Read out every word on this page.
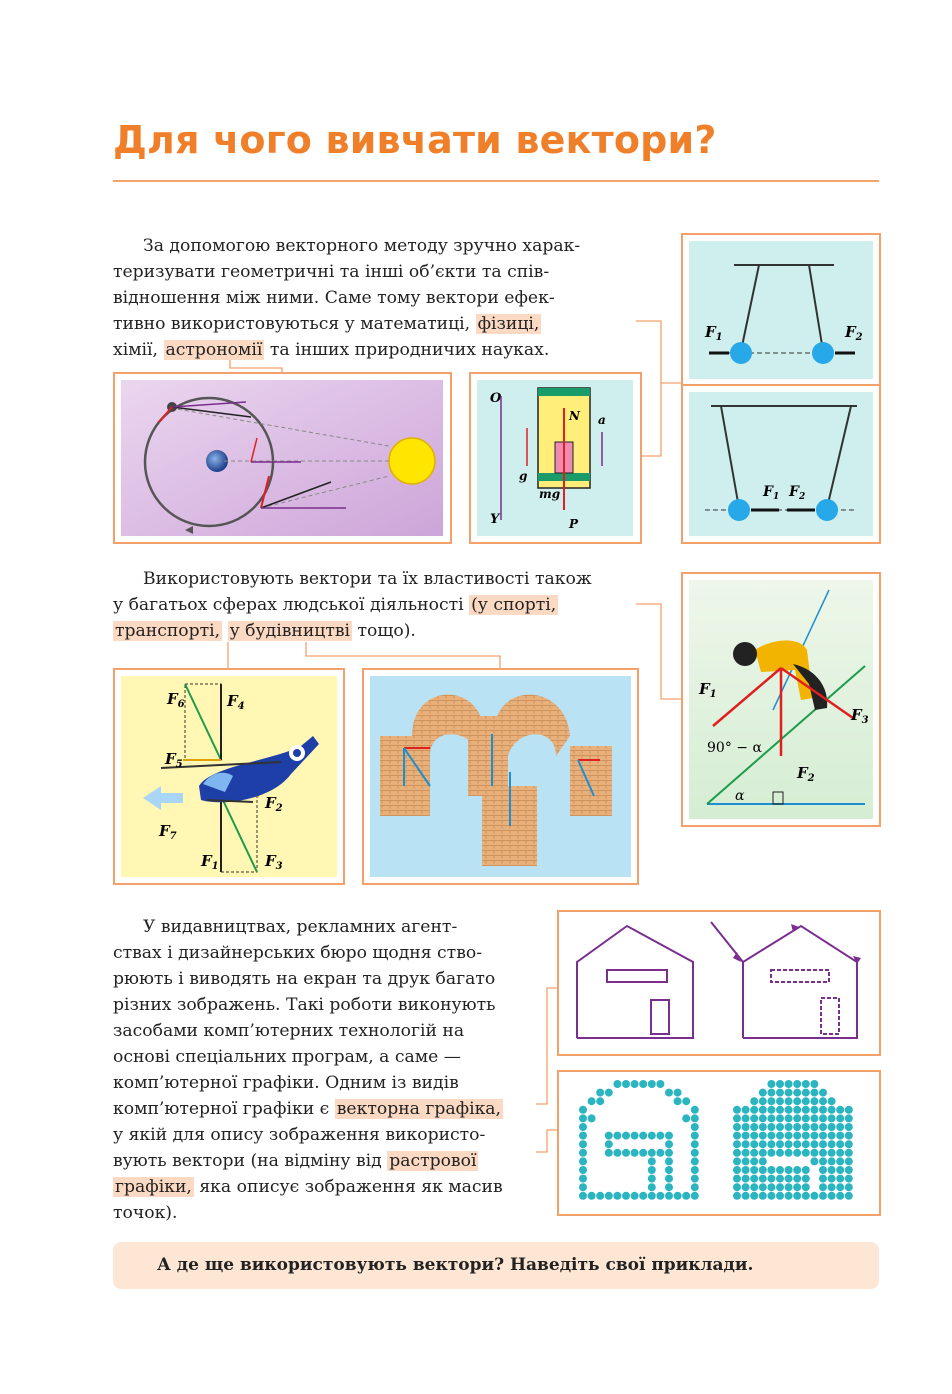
Для чого вивчати вектори?
За допомогою векторного методу зручно харак-
теризувати геометричні та інші об’єкти та спів-
відношення між ними. Саме тому вектори ефек-
тивно використовуються у математиці, фізиці,
хімії, астрономії та інших природничих науках.
O
Y
N
P
mg
g
a
$F_1$	$F_2$
$F_1$ $F_2$
Використовують вектори та їх властивості також
у багатьох сферах людської діяльності (у спорті,
транспорті, у будівництві тощо).
$F_6$	$F_4$
$F_5$
$F_2$
$F_7$
$F_1$	$F_3$
$F_1$
$F_2$
$F_3$
90° − α
α
У видавництвах, рекламних агент-
ствах і дизайнерських бюро щодня ство-
рюють і виводять на екран та друк багато
різних зображень. Такі роботи виконують
засобами комп’ютерних технологій на
основі спеціальних програм, а саме —
комп’ютерної графіки. Одним із видів
комп’ютерної графіки є векторна графіка,
у якій для опису зображення використо-
вують вектори (на відміну від растрової
графіки, яка описує зображення як масив
точок).
А де ще використовують вектори? Наведіть свої приклади.
